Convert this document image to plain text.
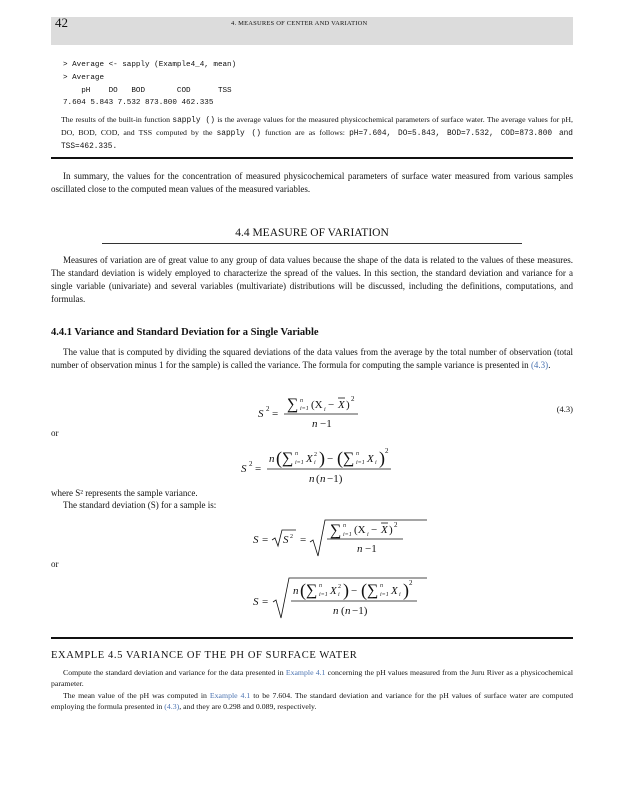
42	4. MEASURES OF CENTER AND VARIATION
> Average <- sapply (Example4_4, mean)
> Average
pH    DO   BOD       COD      TSS
7.604 5.843 7.532 873.800 462.335
The results of the built-in function sapply () is the average values for the measured physicochemical parameters of surface water. The average values for pH, DO, BOD, COD, and TSS computed by the sapply () function are as follows: pH=7.604, DO=5.843, BOD=7.532, COD=873.800 and TSS=462.335.
In summary, the values for the concentration of measured physicochemical parameters of surface water measured from various samples oscillated close to the computed mean values of the measured variables.
4.4 MEASURE OF VARIATION
Measures of variation are of great value to any group of data values because the shape of the data is related to the values of these measures. The standard deviation is widely employed to characterize the spread of the values. In this section, the standard deviation and variance for a single variable (univariate) and several variables (multivariate) distributions will be discussed, including the definitions, computations, and formulas.
4.4.1 Variance and Standard Deviation for a Single Variable
The value that is computed by dividing the squared deviations of the data values from the average by the total number of observation (total number of observation minus 1 for the sample) is called the variance. The formula for computing the sample variance is presented in (4.3).
S 2 =
∑ n
i=1 (X i − X ) 2
n −1
(4.3)
or
S 2 =
n ( ∑ n
i=1 X i
2 ) − ( ∑ n
i=1 X i ) 2
n ( n −1)
where S² represents the sample variance.
The standard deviation (S) for a sample is:
S = S 2 =
∑ n
i=1 (X i − X ) 2
n −1
or
S =
n ( ∑ n
i=1 X i
2 ) − ( ∑ n
i=1 X i ) 2
n ( n −1)
EXAMPLE 4.5 VARIANCE OF THE PH OF SURFACE WATER
Compute the standard deviation and variance for the data presented in Example 4.1 concerning the pH values measured from the Juru River as a physicochemical parameter.
The mean value of the pH was computed in Example 4.1 to be 7.604. The standard deviation and variance for the pH values of surface water are computed employing the formula presented in (4.3), and they are 0.298 and 0.089, respectively.
